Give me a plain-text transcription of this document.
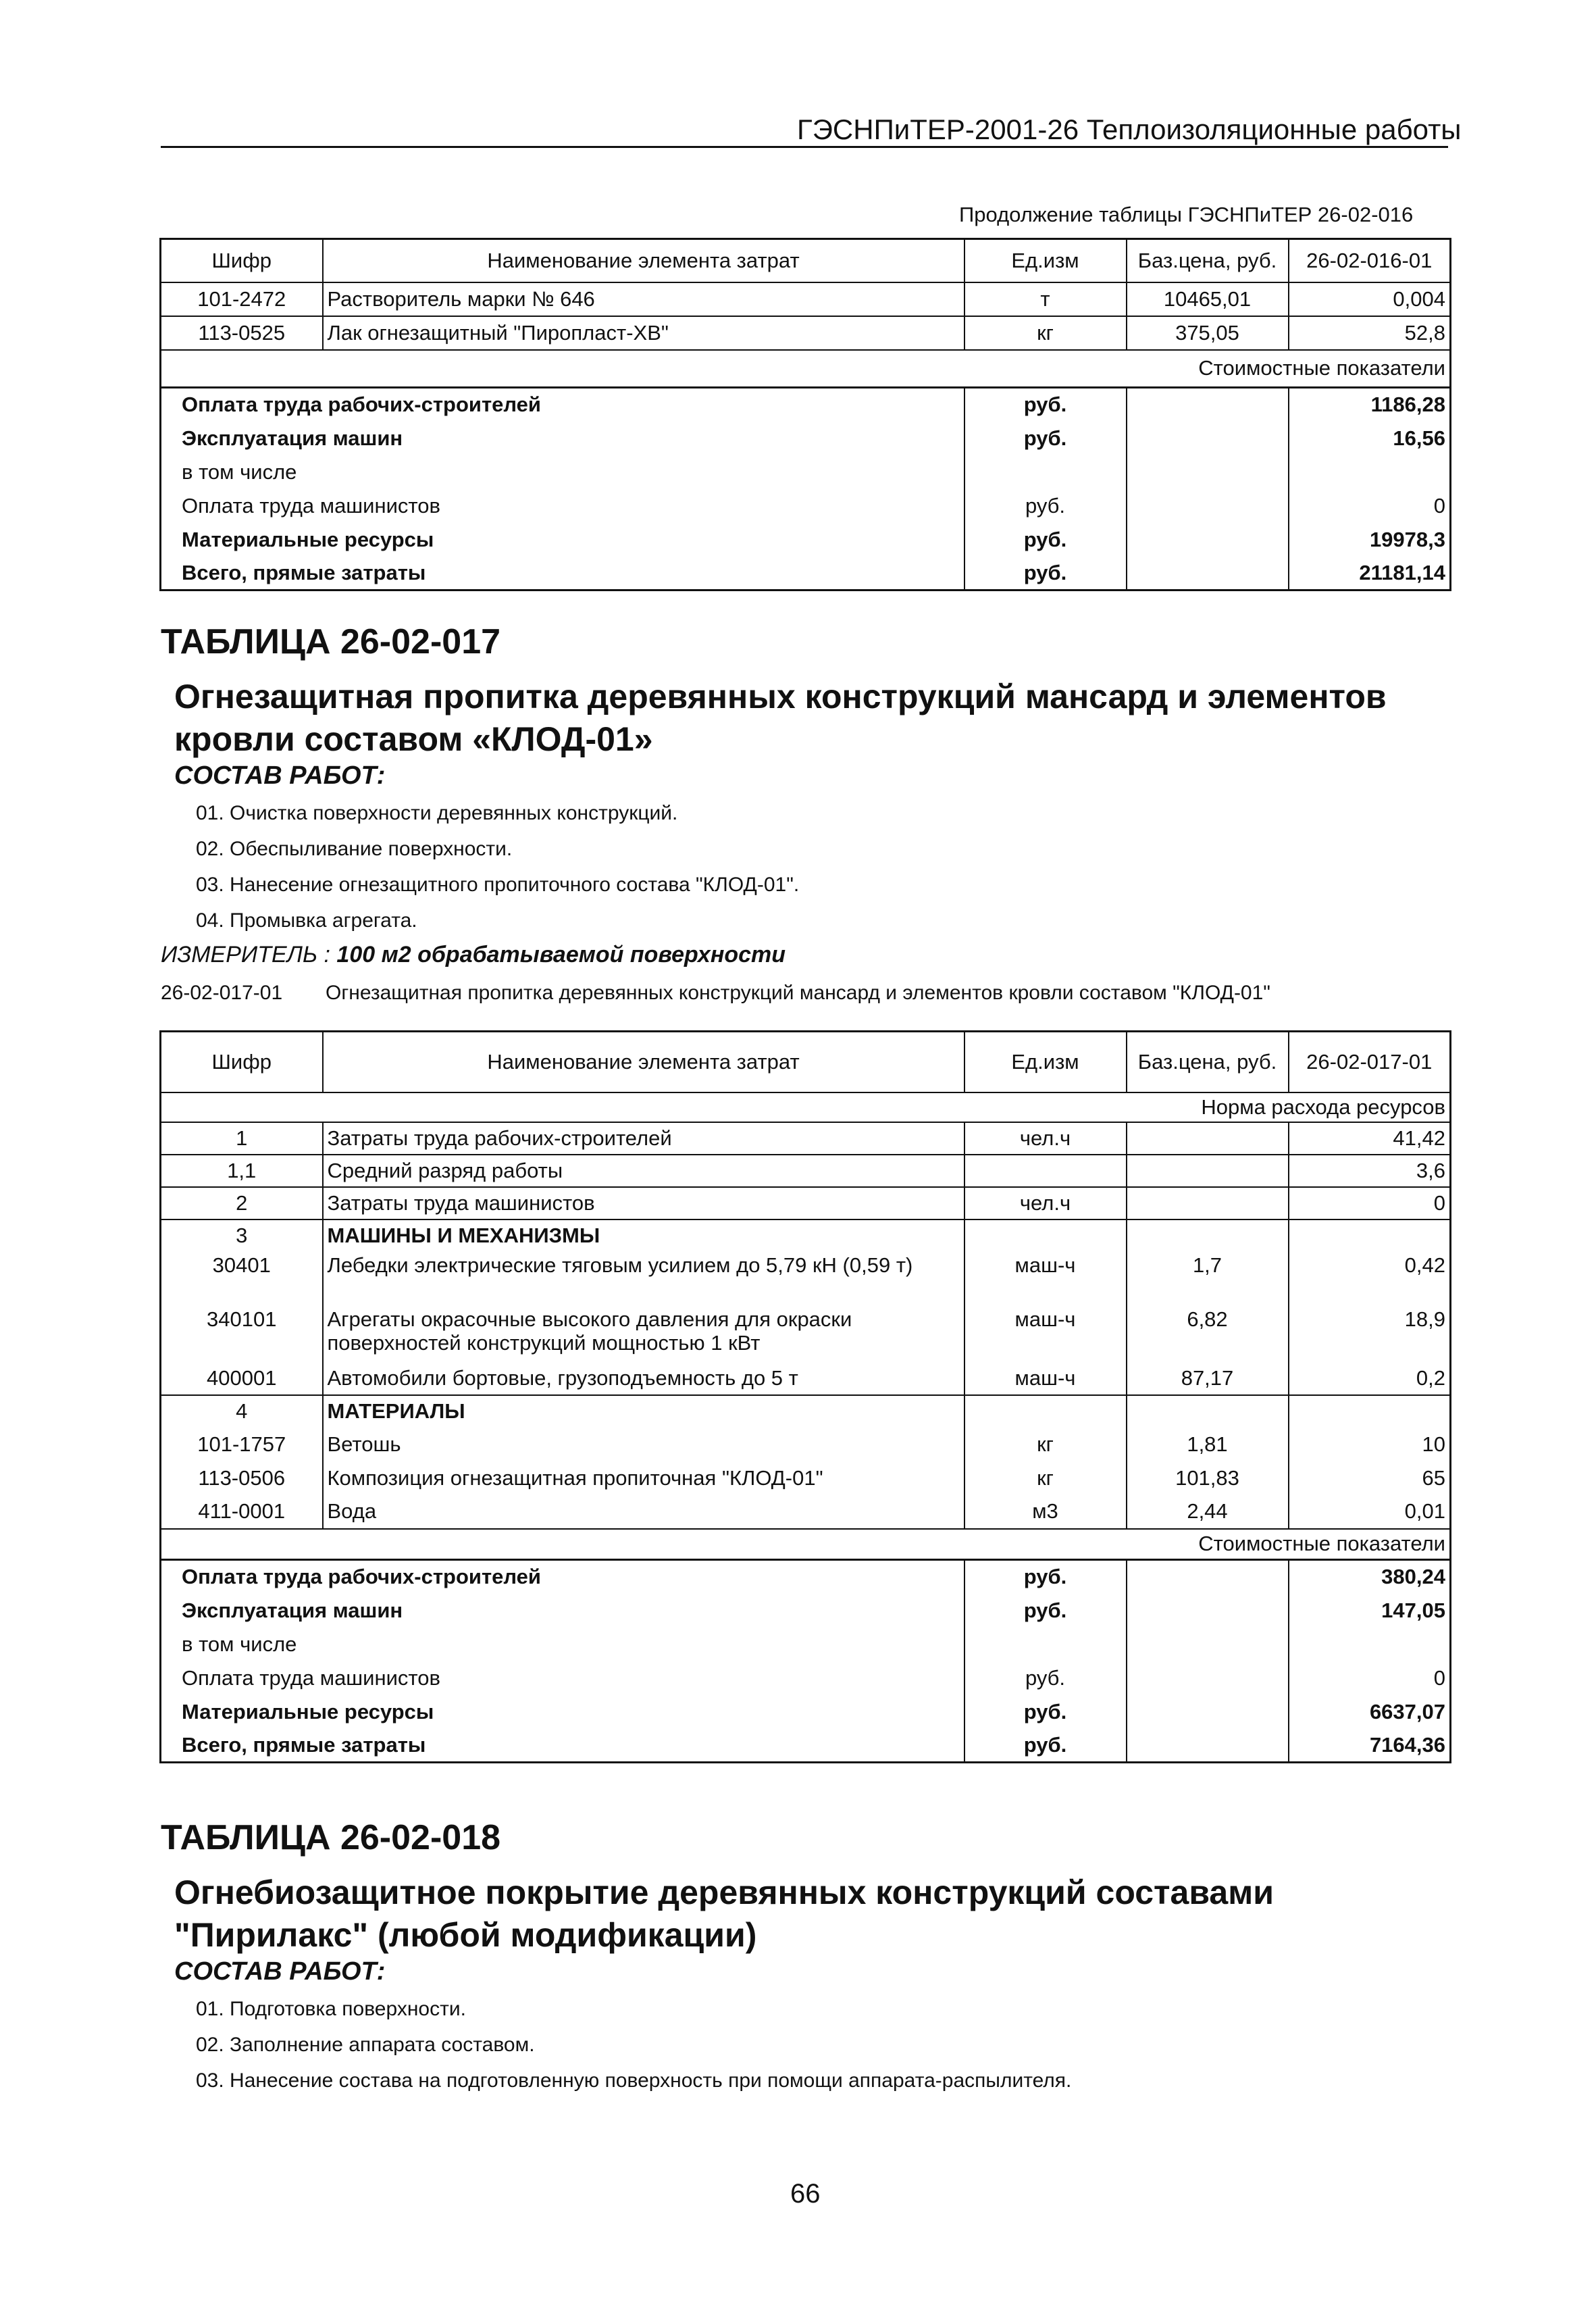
ГЭСНПиТЕР-2001-26 Теплоизоляционные работы
Продолжение таблицы ГЭСНПиТЕР 26-02-016
Шифр	Наименование элемента затрат	Ед.изм	Баз.цена, руб.	26-02-016-01
101-2472	Растворитель марки № 646	т	10465,01	0,004
113-0525	Лак огнезащитный "Пиропласт-ХВ"	кг	375,05	52,8
Стоимостные показатели				
Оплата труда рабочих-строителей		руб.		1186,28
Эксплуатация машин		руб.		16,56
в том числе				
Оплата труда машинистов		руб.		0
Материальные ресурсы		руб.		19978,3
Всего, прямые затраты		руб.		21181,14
ТАБЛИЦА 26-02-017
Огнезащитная пропитка деревянных конструкций мансард и элементов кровли составом «КЛОД-01»
СОСТАВ РАБОТ:
01. Очистка поверхности деревянных конструкций.
02. Обеспыливание поверхности.
03. Нанесение огнезащитного пропиточного состава "КЛОД-01".
04. Промывка агрегата.
ИЗМЕРИТЕЛЬ : 100 м2 обрабатываемой поверхности
26-02-017-01 Огнезащитная пропитка деревянных конструкций мансард и элементов кровли составом "КЛОД-01"
Шифр	Наименование элемента затрат	Ед.изм	Баз.цена, руб.	26-02-017-01
Норма расхода ресурсов				
1	Затраты труда рабочих-строителей	чел.ч		41,42
1,1	Средний разряд работы			3,6
2	Затраты труда машинистов	чел.ч		0
3	МАШИНЫ И МЕХАНИЗМЫ			
30401	Лебедки электрические тяговым усилием до 5,79 кН (0,59 т)	маш-ч	1,7	0,42
340101	Агрегаты окрасочные высокого давления для окраски поверхностей конструкций мощностью 1 кВт	маш-ч	6,82	18,9
400001	Автомобили бортовые, грузоподъемность до 5 т	маш-ч	87,17	0,2
4	МАТЕРИАЛЫ			
101-1757	Ветошь	кг	1,81	10
113-0506	Композиция огнезащитная пропиточная "КЛОД-01"	кг	101,83	65
411-0001	Вода	м3	2,44	0,01
Стоимостные показатели				
Оплата труда рабочих-строителей		руб.		380,24
Эксплуатация машин		руб.		147,05
в том числе				
Оплата труда машинистов		руб.		0
Материальные ресурсы		руб.		6637,07
Всего, прямые затраты		руб.		7164,36
ТАБЛИЦА 26-02-018
Огнебиозащитное покрытие деревянных конструкций составами "Пирилакс" (любой модификации)
СОСТАВ РАБОТ:
01. Подготовка поверхности.
02. Заполнение аппарата составом.
03. Нанесение состава на подготовленную поверхность при помощи аппарата-распылителя.
66
